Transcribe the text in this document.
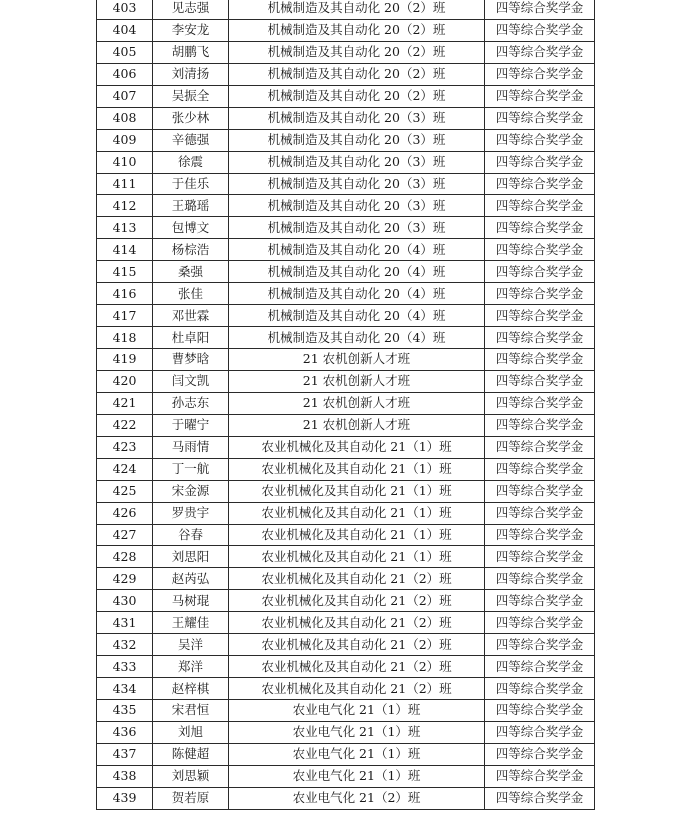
403	见志强	机械制造及其自动化 20（2）班	四等综合奖学金
404	李安龙	机械制造及其自动化 20（2）班	四等综合奖学金
405	胡鹏飞	机械制造及其自动化 20（2）班	四等综合奖学金
406	刘清扬	机械制造及其自动化 20（2）班	四等综合奖学金
407	吴振全	机械制造及其自动化 20（2）班	四等综合奖学金
408	张少林	机械制造及其自动化 20（3）班	四等综合奖学金
409	辛德强	机械制造及其自动化 20（3）班	四等综合奖学金
410	徐震	机械制造及其自动化 20（3）班	四等综合奖学金
411	于佳乐	机械制造及其自动化 20（3）班	四等综合奖学金
412	王璐瑶	机械制造及其自动化 20（3）班	四等综合奖学金
413	包博文	机械制造及其自动化 20（3）班	四等综合奖学金
414	杨棕浩	机械制造及其自动化 20（4）班	四等综合奖学金
415	桑强	机械制造及其自动化 20（4）班	四等综合奖学金
416	张佳	机械制造及其自动化 20（4）班	四等综合奖学金
417	邓世霖	机械制造及其自动化 20（4）班	四等综合奖学金
418	杜卓阳	机械制造及其自动化 20（4）班	四等综合奖学金
419	曹梦晗	21 农机创新人才班	四等综合奖学金
420	闫文凯	21 农机创新人才班	四等综合奖学金
421	孙志东	21 农机创新人才班	四等综合奖学金
422	于曜宁	21 农机创新人才班	四等综合奖学金
423	马雨情	农业机械化及其自动化 21（1）班	四等综合奖学金
424	丁一航	农业机械化及其自动化 21（1）班	四等综合奖学金
425	宋金源	农业机械化及其自动化 21（1）班	四等综合奖学金
426	罗贵宇	农业机械化及其自动化 21（1）班	四等综合奖学金
427	谷春	农业机械化及其自动化 21（1）班	四等综合奖学金
428	刘思阳	农业机械化及其自动化 21（1）班	四等综合奖学金
429	赵芮弘	农业机械化及其自动化 21（2）班	四等综合奖学金
430	马树琨	农业机械化及其自动化 21（2）班	四等综合奖学金
431	王耀佳	农业机械化及其自动化 21（2）班	四等综合奖学金
432	吴洋	农业机械化及其自动化 21（2）班	四等综合奖学金
433	郑洋	农业机械化及其自动化 21（2）班	四等综合奖学金
434	赵梓棋	农业机械化及其自动化 21（2）班	四等综合奖学金
435	宋君恒	农业电气化 21（1）班	四等综合奖学金
436	刘旭	农业电气化 21（1）班	四等综合奖学金
437	陈健超	农业电气化 21（1）班	四等综合奖学金
438	刘思颖	农业电气化 21（1）班	四等综合奖学金
439	贺若原	农业电气化 21（2）班	四等综合奖学金
